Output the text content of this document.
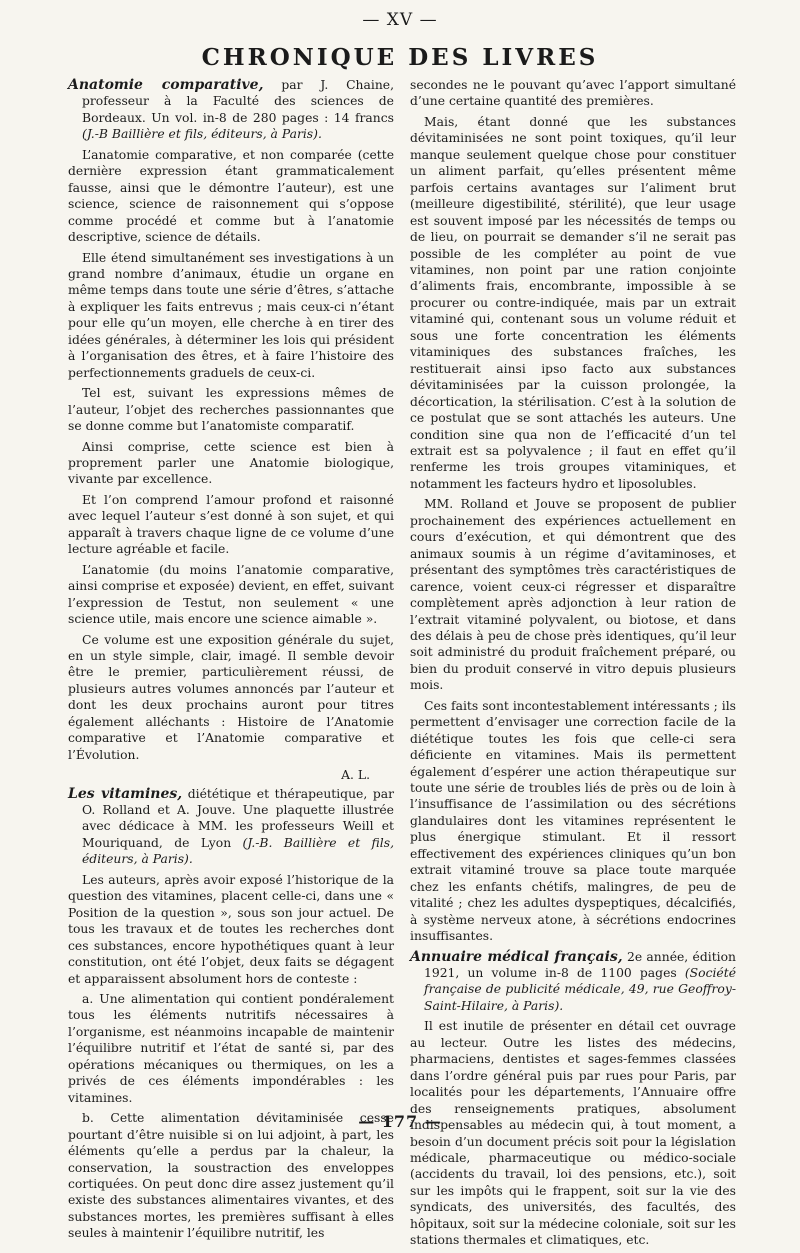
— XV —
CHRONIQUE DES LIVRES

Anatomie comparative, par J. Chaine, professeur à la Faculté des sciences de Bordeaux. Un vol. in-8 de 280 pages : 14 francs (J.-B Baillière et fils, éditeurs, à Paris).

L’anatomie comparative, et non comparée (cette dernière expression étant grammaticalement fausse, ainsi que le démontre l’auteur), est une science, science de raisonnement qui s’oppose comme procédé et comme but à l’anatomie descriptive, science de détails.

Elle étend simultanément ses investigations à un grand nombre d’animaux, étudie un organe en même temps dans toute une série d’êtres, s’attache à expliquer les faits entrevus ; mais ceux-ci n’étant pour elle qu’un moyen, elle cherche à en tirer des idées générales, à déterminer les lois qui président à l’organisation des êtres, et à faire l’histoire des perfectionnements graduels de ceux-ci.

Tel est, suivant les expressions mêmes de l’auteur, l’objet des recherches passionnantes que se donne comme but l’anatomiste comparatif.

Ainsi comprise, cette science est bien à proprement parler une Anatomie biologique, vivante par excellence.

Et l’on comprend l’amour profond et raisonné avec lequel l’auteur s’est donné à son sujet, et qui apparaît à travers chaque ligne de ce volume d’une lecture agréable et facile.

L’anatomie (du moins l’anatomie comparative, ainsi comprise et exposée) devient, en effet, suivant l’expression de Testut, non seulement « une science utile, mais encore une science aimable ».

Ce volume est une exposition générale du sujet, en un style simple, clair, imagé. Il semble devoir être le premier, particulièrement réussi, de plusieurs autres volumes annoncés par l’auteur et dont les deux prochains auront pour titres également alléchants : Histoire de l’Anatomie comparative et l’Anatomie comparative et l’Évolution.

A. L.

Les vitamines, diététique et thérapeutique, par O. Rolland et A. Jouve. Une plaquette illustrée avec dédicace à MM. les professeurs Weill et Mouriquand, de Lyon (J.-B. Baillière et fils, éditeurs, à Paris).

Les auteurs, après avoir exposé l’historique de la question des vitamines, placent celle-ci, dans une « Position de la question », sous son jour actuel. De tous les travaux et de toutes les recherches dont ces substances, encore hypothétiques quant à leur constitution, ont été l’objet, deux faits se dégagent et apparaissent absolument hors de conteste :

a. Une alimentation qui contient pondéralement tous les éléments nutritifs nécessaires à l’organisme, est néanmoins incapable de maintenir l’équilibre nutritif et l’état de santé si, par des opérations mécaniques ou thermiques, on les a privés de ces éléments impondérables : les vitamines.

b. Cette alimentation dévitaminisée cesse pourtant d’être nuisible si on lui adjoint, à part, les éléments qu’elle a perdus par la chaleur, la conservation, la soustraction des enveloppes cortiquées. On peut donc dire assez justement qu’il existe des substances alimentaires vivantes, et des substances mortes, les premières suffisant à elles seules à maintenir l’équilibre nutritif, les

secondes ne le pouvant qu’avec l’apport simultané d’une certaine quantité des premières.

Mais, étant donné que les substances dévitaminisées ne sont point toxiques, qu’il leur manque seulement quelque chose pour constituer un aliment parfait, qu’elles présentent même parfois certains avantages sur l’aliment brut (meilleure digestibilité, stérilité), que leur usage est souvent imposé par les nécessités de temps ou de lieu, on pourrait se demander s’il ne serait pas possible de les compléter au point de vue vitamines, non point par une ration conjointe d’aliments frais, encombrante, impossible à se procurer ou contre-indiquée, mais par un extrait vitaminé qui, contenant sous un volume réduit et sous une forte concentration les éléments vitaminiques des substances fraîches, les restituerait ainsi ipso facto aux substances dévitaminisées par la cuisson prolongée, la décortication, la stérilisation. C’est à la solution de ce postulat que se sont attachés les auteurs. Une condition sine qua non de l’efficacité d’un tel extrait est sa polyvalence ; il faut en effet qu’il renferme les trois groupes vitaminiques, et notamment les facteurs hydro et liposolubles.

MM. Rolland et Jouve se proposent de publier prochainement des expériences actuellement en cours d’exécution, et qui démontrent que des animaux soumis à un régime d’avitaminoses, et présentant des symptômes très caractéristiques de carence, voient ceux-ci régresser et disparaître complètement après adjonction à leur ration de l’extrait vitaminé polyvalent, ou biotose, et dans des délais à peu de chose près identiques, qu’il leur soit administré du produit fraîchement préparé, ou bien du produit conservé in vitro depuis plusieurs mois.

Ces faits sont incontestablement intéressants ; ils permettent d’envisager une correction facile de la diététique toutes les fois que celle-ci sera déficiente en vitamines. Mais ils permettent également d’espérer une action thérapeutique sur toute une série de troubles liés de près ou de loin à l’insuffisance de l’assimilation ou des sécrétions glandulaires dont les vitamines représentent le plus énergique stimulant. Et il ressort effectivement des expériences cliniques qu’un bon extrait vitaminé trouve sa place toute marquée chez les enfants chétifs, malingres, de peu de vitalité ; chez les adultes dyspeptiques, décalcifiés, à système nerveux atone, à sécrétions endocrines insuffisantes.

Annuaire médical français, 2e année, édition 1921, un volume in-8 de 1100 pages (Société française de publicité médicale, 49, rue Geoffroy-Saint-Hilaire, à Paris).

Il est inutile de présenter en détail cet ouvrage au lecteur. Outre les listes des médecins, pharmaciens, dentistes et sages-femmes classées dans l’ordre général puis par rues pour Paris, par localités pour les départements, l’Annuaire offre des renseignements pratiques, absolument indispensables au médecin qui, à tout moment, a besoin d’un document précis soit pour la législation médicale, pharmaceutique ou médico-sociale (accidents du travail, loi des pensions, etc.), soit sur les impôts qui le frappent, soit sur la vie des syndicats, des universités, des facultés, des hôpitaux, soit sur la médecine coloniale, soit sur les stations thermales et climatiques, etc.

— 177 —
